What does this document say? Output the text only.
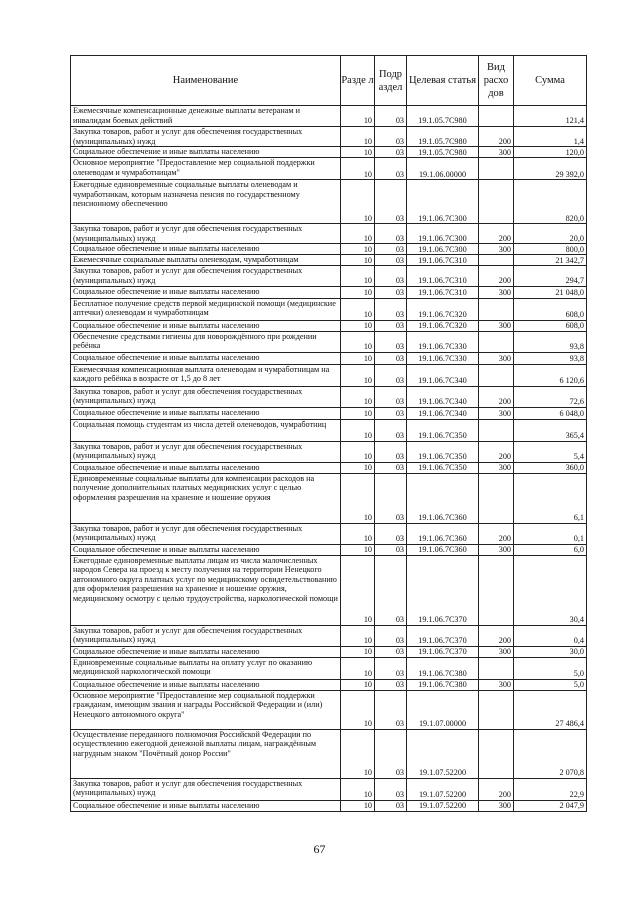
Наименование	Разде л	Подр аздел	Целевая статья	Вид расхо дов	Сумма
Ежемесячные компенсационные денежные выплаты ветеранам и инвалидам боевых действий	10	03	19.1.05.7С980		121,4
Закупка товаров, работ и услуг для обеспечения государственных (муниципальных) нужд	10	03	19.1.05.7С980	200	1,4
Социальное обеспечение и иные выплаты населению	10	03	19.1.05.7С980	300	120,0
Основное мероприятие "Предоставление мер социальной поддержки оленеводам и чумработницам"	10	03	19.1.06.00000		29 392,0
Ежегодные единовременные социальные выплаты оленеводам и чумработникам, которым назначена пенсия по государственному пенсионному обеспечению	10	03	19.1.06.7С300		820,0
Закупка товаров, работ и услуг для обеспечения государственных (муниципальных) нужд	10	03	19.1.06.7С300	200	20,0
Социальное обеспечение и иные выплаты населению	10	03	19.1.06.7С300	300	800,0
Ежемесячные социальные выплаты оленеводам, чумработницам	10	03	19.1.06.7С310		21 342,7
Закупка товаров, работ и услуг для обеспечения государственных (муниципальных) нужд	10	03	19.1.06.7С310	200	294,7
Социальное обеспечение и иные выплаты населению	10	03	19.1.06.7С310	300	21 048,0
Бесплатное получение средств первой медицинской помощи (медицинские аптечки) оленеводам и чумработницам	10	03	19.1.06.7С320		608,0
Социальное обеспечение и иные выплаты населению	10	03	19.1.06.7С320	300	608,0
Обеспечение средствами гигиены для новорождённого при рождении ребёнка	10	03	19.1.06.7С330		93,8
Социальное обеспечение и иные выплаты населению	10	03	19.1.06.7С330	300	93,8
Ежемесячная компенсационная выплата оленеводам и чумработницам на каждого ребёнка в возрасте от 1,5 до 8 лет	10	03	19.1.06.7С340		6 120,6
Закупка товаров, работ и услуг для обеспечения государственных (муниципальных) нужд	10	03	19.1.06.7С340	200	72,6
Социальное обеспечение и иные выплаты населению	10	03	19.1.06.7С340	300	6 048,0
Социальная помощь студентам из числа детей оленеводов, чумработниц	10	03	19.1.06.7С350		365,4
Закупка товаров, работ и услуг для обеспечения государственных (муниципальных) нужд	10	03	19.1.06.7С350	200	5,4
Социальное обеспечение и иные выплаты населению	10	03	19.1.06.7С350	300	360,0
Единовременные социальные выплаты для компенсации расходов на получение дополнительных платных медицинских услуг с целью оформления разрешения на хранение и ношение оружия	10	03	19.1.06.7С360		6,1
Закупка товаров, работ и услуг для обеспечения государственных (муниципальных) нужд	10	03	19.1.06.7С360	200	0,1
Социальное обеспечение и иные выплаты населению	10	03	19.1.06.7С360	300	6,0
Ежегодные единовременные выплаты лицам из числа малочисленных народов Севера на проезд к месту получения на территории Ненецкого автономного округа платных услуг по медицинскому освидетельствованию для оформления разрешения на хранение и ношение оружия, медицинскому осмотру с целью трудоустройства, наркологической помощи	10	03	19.1.06.7С370		30,4
Закупка товаров, работ и услуг для обеспечения государственных (муниципальных) нужд	10	03	19.1.06.7С370	200	0,4
Социальное обеспечение и иные выплаты населению	10	03	19.1.06.7С370	300	30,0
Единовременные социальные выплаты на оплату услуг по оказанию медицинской наркологической помощи	10	03	19.1.06.7С380		5,0
Социальное обеспечение и иные выплаты населению	10	03	19.1.06.7С380	300	5,0
Основное мероприятие "Предоставление мер социальной поддержки гражданам, имеющим звания и награды Российской Федерации и (или) Ненецкого автономного округа"	10	03	19.1.07.00000		27 486,4
Осуществление переданного полномочия Российской Федерации по осуществлению ежегодной денежной выплаты лицам, награждённым нагрудным знаком "Почётный донор России"	10	03	19.1.07.52200		2 070,8
Закупка товаров, работ и услуг для обеспечения государственных (муниципальных) нужд	10	03	19.1.07.52200	200	22,9
Социальное обеспечение и иные выплаты населению	10	03	19.1.07.52200	300	2 047,9
67
